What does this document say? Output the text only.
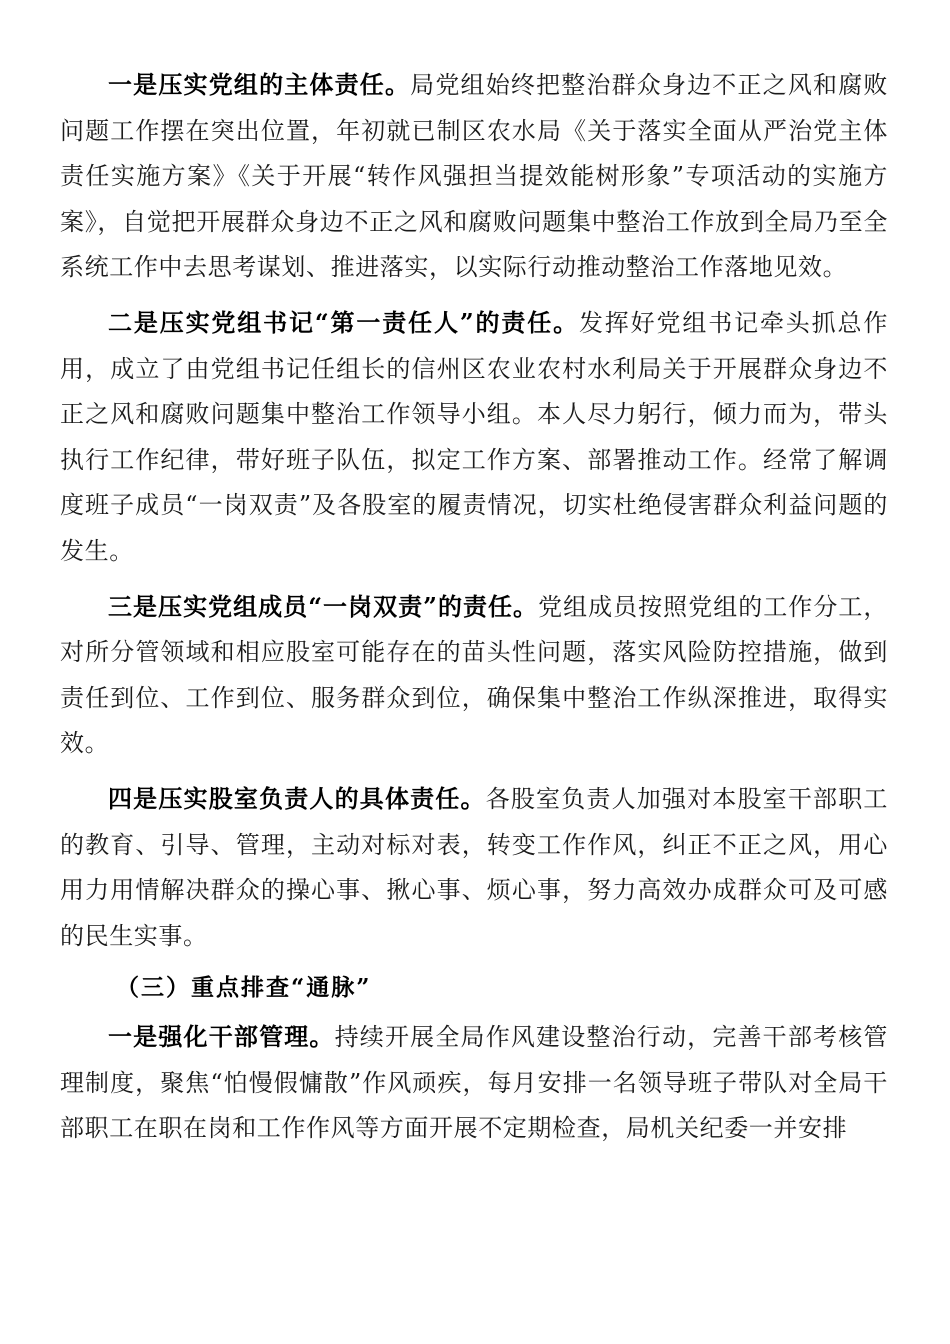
一是压实党组的主体责任。局党组始终把整治群众身边不正之风和腐败问题工作摆在突出位置，年初就已制区农水局《关于落实全面从严治党主体责任实施方案》《关于开展“转作风强担当提效能树形象”专项活动的实施方案》，自觉把开展群众身边不正之风和腐败问题集中整治工作放到全局乃至全系统工作中去思考谋划、推进落实，以实际行动推动整治工作落地见效。

二是压实党组书记“第一责任人”的责任。发挥好党组书记牵头抓总作用，成立了由党组书记任组长的信州区农业农村水利局关于开展群众身边不正之风和腐败问题集中整治工作领导小组。本人尽力躬行，倾力而为，带头执行工作纪律，带好班子队伍，拟定工作方案、部署推动工作。经常了解调度班子成员“一岗双责”及各股室的履责情况，切实杜绝侵害群众利益问题的发生。

三是压实党组成员“一岗双责”的责任。党组成员按照党组的工作分工，对所分管领域和相应股室可能存在的苗头性问题，落实风险防控措施，做到责任到位、工作到位、服务群众到位，确保集中整治工作纵深推进，取得实效。

四是压实股室负责人的具体责任。各股室负责人加强对本股室干部职工的教育、引导、管理，主动对标对表，转变工作作风，纠正不正之风，用心用力用情解决群众的操心事、揪心事、烦心事，努力高效办成群众可及可感的民生实事。

（三）重点排查“通脉”

一是强化干部管理。持续开展全局作风建设整治行动，完善干部考核管理制度，聚焦“怕慢假慵散”作风顽疾，每月安排一名领导班子带队对全局干部职工在职在岗和工作作风等方面开展不定期检查，局机关纪委一并安排
